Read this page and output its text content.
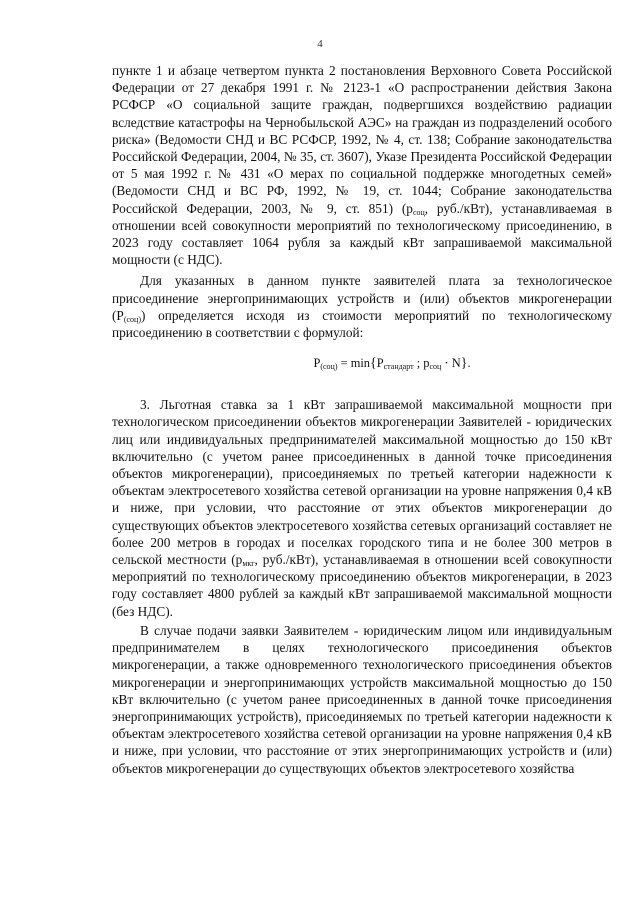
4

пункте 1 и абзаце четвертом пункта 2 постановления Верховного Совета Российской Федерации от 27 декабря 1991 г. № 2123-1 «О распространении действия Закона РСФСР «О социальной защите граждан, подвергшихся воздействию радиации вследствие катастрофы на Чернобыльской АЭС» на граждан из подразделений особого риска» (Ведомости СНД и ВС РСФСР, 1992, № 4, ст. 138; Собрание законодательства Российской Федерации, 2004, № 35, ст. 3607), Указе Президента Российской Федерации от 5 мая 1992 г. № 431 «О мерах по социальной поддержке многодетных семей» (Ведомости СНД и ВС РФ, 1992, № 19, ст. 1044; Собрание законодательства Российской Федерации, 2003, № 9, ст. 851) ($р_{соц}$, руб./кВт), устанавливаемая в отношении всей совокупности мероприятий по технологическому присоединению, в 2023 году составляет 1064 рубля за каждый кВт запрашиваемой максимальной мощности (с НДС).

Для указанных в данном пункте заявителей плата за технологическое присоединение энергопринимающих устройств и (или) объектов микрогенерации $(Р_{(соц)})$ определяется исходя из стоимости мероприятий по технологическому присоединению в соответствии с формулой:

$P_{(соц)} = \min\{P_{стандарт}$ ; $p_{соц} \cdot N$}.

3. Льготная ставка за 1 кВт запрашиваемой максимальной мощности при технологическом присоединении объектов микрогенерации Заявителей - юридических лиц или индивидуальных предпринимателей максимальной мощностью до 150 кВт включительно (с учетом ранее присоединенных в данной точке присоединения объектов микрогенерации), присоединяемых по третьей категории надежности к объектам электросетевого хозяйства сетевой организации на уровне напряжения 0,4 кВ и ниже, при условии, что расстояние от этих объектов микрогенерации до существующих объектов электросетевого хозяйства сетевых организаций составляет не более 200 метров в городах и поселках городского типа и не более 300 метров в сельской местности ($р_{мкг}$, руб./кВт), устанавливаемая в отношении всей совокупности мероприятий по технологическому присоединению объектов микрогенерации, в 2023 году составляет 4800 рублей за каждый кВт запрашиваемой максимальной мощности (без НДС).

В случае подачи заявки Заявителем - юридическим лицом или индивидуальным предпринимателем в целях технологического присоединения объектов микрогенерации, а также одновременного технологического присоединения объектов микрогенерации и энергопринимающих устройств максимальной мощностью до 150 кВт включительно (с учетом ранее присоединенных в данной точке присоединения энергопринимающих устройств), присоединяемых по третьей категории надежности к объектам электросетевого хозяйства сетевой организации на уровне напряжения 0,4 кВ и ниже, при условии, что расстояние от этих энергопринимающих устройств и (или) объектов микрогенерации до существующих объектов электросетевого хозяйства
